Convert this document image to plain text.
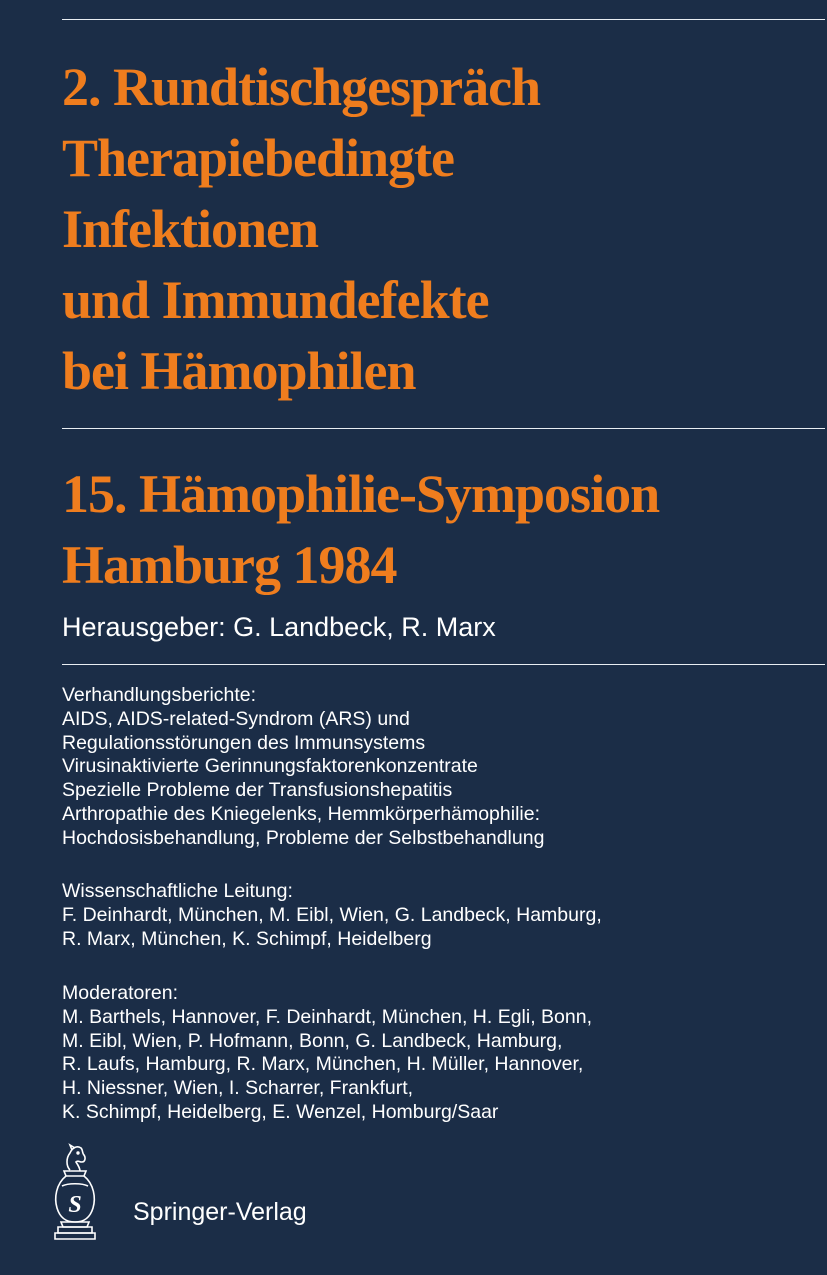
2. Rundtischgespräch
Therapiebedingte
Infektionen
und Immundefekte
bei Hämophilen
15. Hämophilie-Symposion
Hamburg 1984
Herausgeber: G. Landbeck, R. Marx
Verhandlungsberichte:
AIDS, AIDS-related-Syndrom (ARS) und
Regulationsstörungen des Immunsystems
Virusinaktivierte Gerinnungsfaktorenkonzentrate
Spezielle Probleme der Transfusionshepatitis
Arthropathie des Kniegelenks, Hemmkörperhämophilie:
Hochdosisbehandlung, Probleme der Selbstbehandlung
Wissenschaftliche Leitung:
F. Deinhardt, München, M. Eibl, Wien, G. Landbeck, Hamburg,
R. Marx, München, K. Schimpf, Heidelberg
Moderatoren:
M. Barthels, Hannover, F. Deinhardt, München, H. Egli, Bonn,
M. Eibl, Wien, P. Hofmann, Bonn, G. Landbeck, Hamburg,
R. Laufs, Hamburg, R. Marx, München, H. Müller, Hannover,
H. Niessner, Wien, I. Scharrer, Frankfurt,
K. Schimpf, Heidelberg, E. Wenzel, Homburg/Saar
S Springer-Verlag
